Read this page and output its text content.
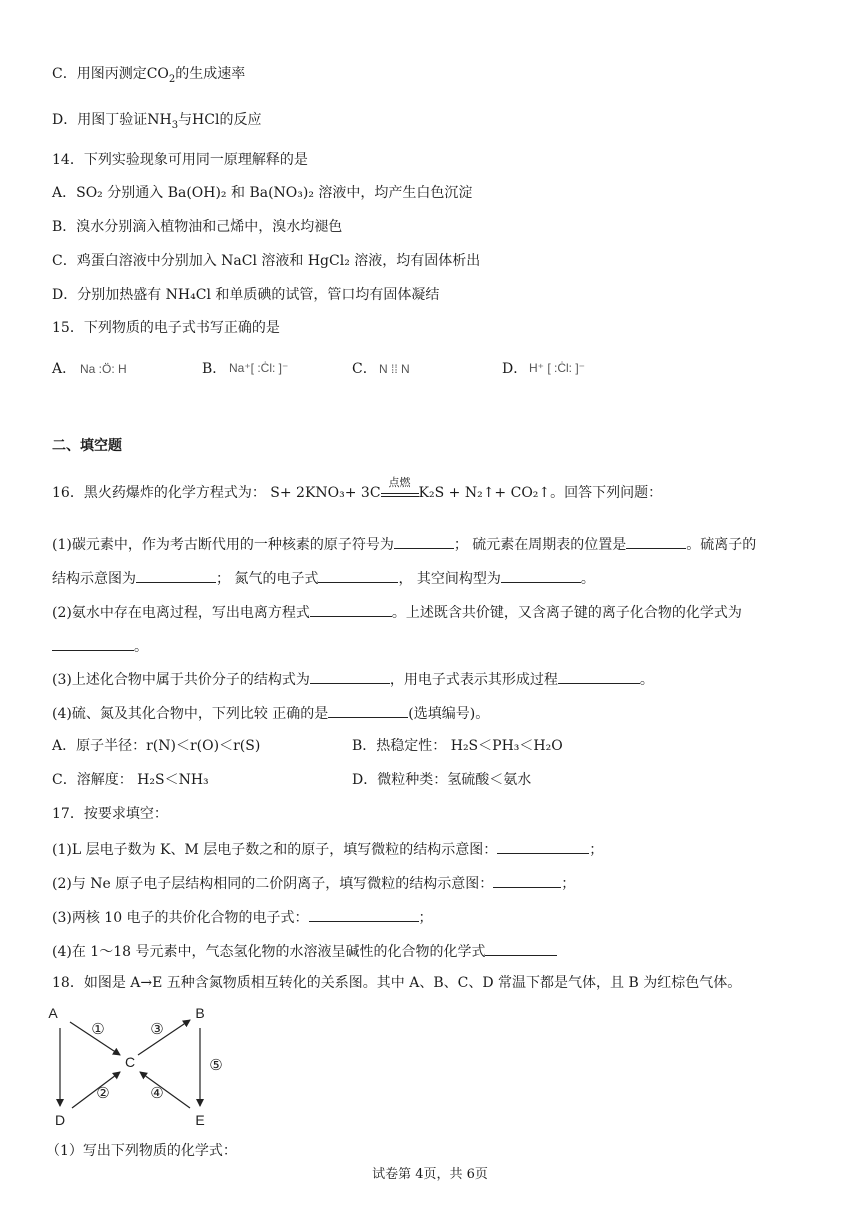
C．用图丙测定$CO_2$的生成速率
D．用图丁验证$NH_3$与HCl的反应
14．下列实验现象可用同一原理解释的是
A．SO₂ 分别通入 Ba(OH)₂ 和 Ba(NO₃)₂ 溶液中，均产生白色沉淀
B．溴水分别滴入植物油和己烯中，溴水均褪色
C．鸡蛋白溶液中分别加入 NaCl 溶液和 HgCl₂ 溶液，均有固体析出
D．分别加热盛有 NH₄Cl 和单质碘的试管，管口均有固体凝结
15．下列物质的电子式书写正确的是
A． Na :Ö: H	B． Na⁺[ :Ċl: ]⁻	C． N ⁞⁞ N	D． H⁺ [ :Ċl: ]⁻
二、填空题
16．黑火药爆炸的化学方程式为： S+ 2KNO₃+ 3C
点燃
K₂S + N₂↑+ CO₂↑。回答下列问题：
(1)碳元素中，作为考古断代用的一种核素的原子符号为	； 硫元素在周期表的位置是	。硫离子的
结构示意图为	； 氮气的电子式	， 其空间构型为	。
(2)氨水中存在电离过程，写出电离方程式	。上述既含共价键，又含离子键的离子化合物的化学式为
。
(3)上述化合物中属于共价分子的结构式为	，用电子式表示其形成过程	。
(4)硫、氮及其化合物中，下列比较 正确的是	(选填编号)。
A．原子半径：r(N)＜r(O)＜r(S)	B．热稳定性： H₂S＜PH₃＜H₂O
C．溶解度： H₂S＜NH₃	D．微粒种类：氢硫酸＜氨水
17．按要求填空：
(1)L 层电子数为 K、M 层电子数之和的原子，填写微粒的结构示意图：	；
(2)与 Ne 原子电子层结构相同的二价阴离子，填写微粒的结构示意图：	；
(3)两核 10 电子的共价化合物的电子式：	；
(4)在 1～18 号元素中，气态氢化物的水溶液呈碱性的化合物的化学式
18．如图是 A→E 五种含氮物质相互转化的关系图。其中 A、B、C、D 常温下都是气体，且 B 为红棕色气体。
A	B
C
D	E
①
②
③
④
⑤
（1）写出下列物质的化学式：
试卷第 4页，共 6页
